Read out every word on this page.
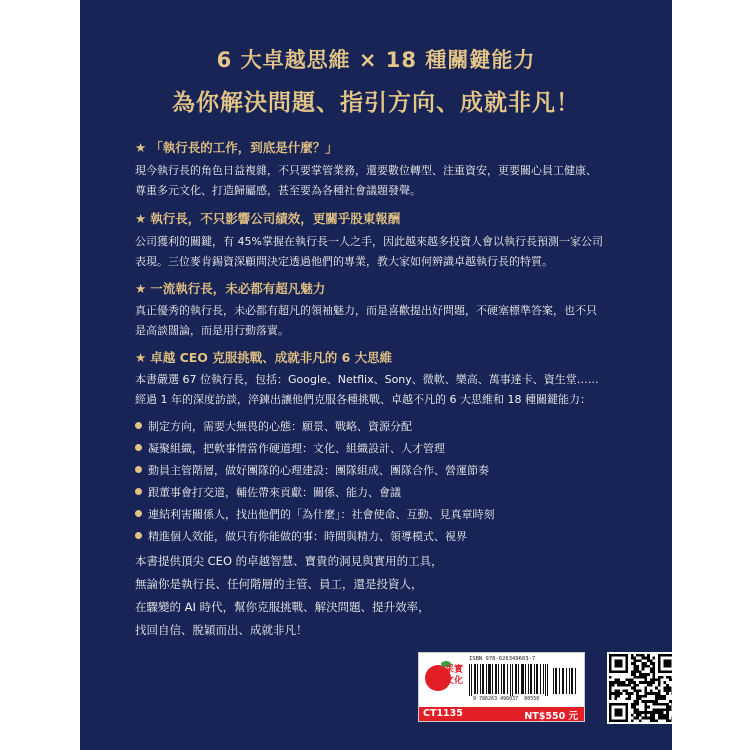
6 大卓越思維 × 18 種關鍵能力
為你解決問題、指引方向、成就非凡！
★ 「執行長的工作，到底是什麼？」
現今執行長的角色日益複雜，不只要掌管業務，還要數位轉型、注重資安，更要關心員工健康、
尊重多元文化、打造歸屬感，甚至要為各種社會議題發聲。
★ 執行長，不只影響公司績效，更關乎股東報酬
公司獲利的關鍵，有 45%掌握在執行長一人之手，因此越來越多投資人會以執行長預測一家公司
表現。三位麥肯錫資深顧問決定透過他們的專業，教大家如何辨識卓越執行長的特質。
★ 一流執行長，未必都有超凡魅力
真正優秀的執行長，未必都有超凡的領袖魅力，而是喜歡提出好問題，不硬塞標準答案，也不只
是高談闊論，而是用行動落實。
★ 卓越 CEO 克服挑戰、成就非凡的 6 大思維
本書嚴選 67 位執行長，包括：Google、Netflix、Sony、微軟、樂高、萬事達卡、資生堂……
經過 1 年的深度訪談，淬鍊出讓他們克服各種挑戰、卓越不凡的 6 大思維和 18 種關鍵能力：
制定方向，需要大無畏的心態：願景、戰略、資源分配
凝聚組織，把軟事情當作硬道理：文化、組織設計、人才管理
動員主管階層，做好團隊的心理建設：團隊組成、團隊合作、營運節奏
跟董事會打交道，輔佐帶來貢獻：關係、能力、會議
連結利害關係人，找出他們的「為什麼」：社會使命、互動、見真章時刻
精進個人效能，做只有你能做的事：時間與精力、領導模式、視界
本書提供頂尖 CEO 的卓越智慧、寶貴的洞見與實用的工具，
無論你是執行長、任何階層的主管、員工，還是投資人，
在驟變的 AI 時代，幫你克服挑戰、解決問題、提升效率，
找回自信、脫穎而出、成就非凡！
采實文化
ISBN 978-626349603-7
9 786263 496037 00550
CT1135	NT$550 元
